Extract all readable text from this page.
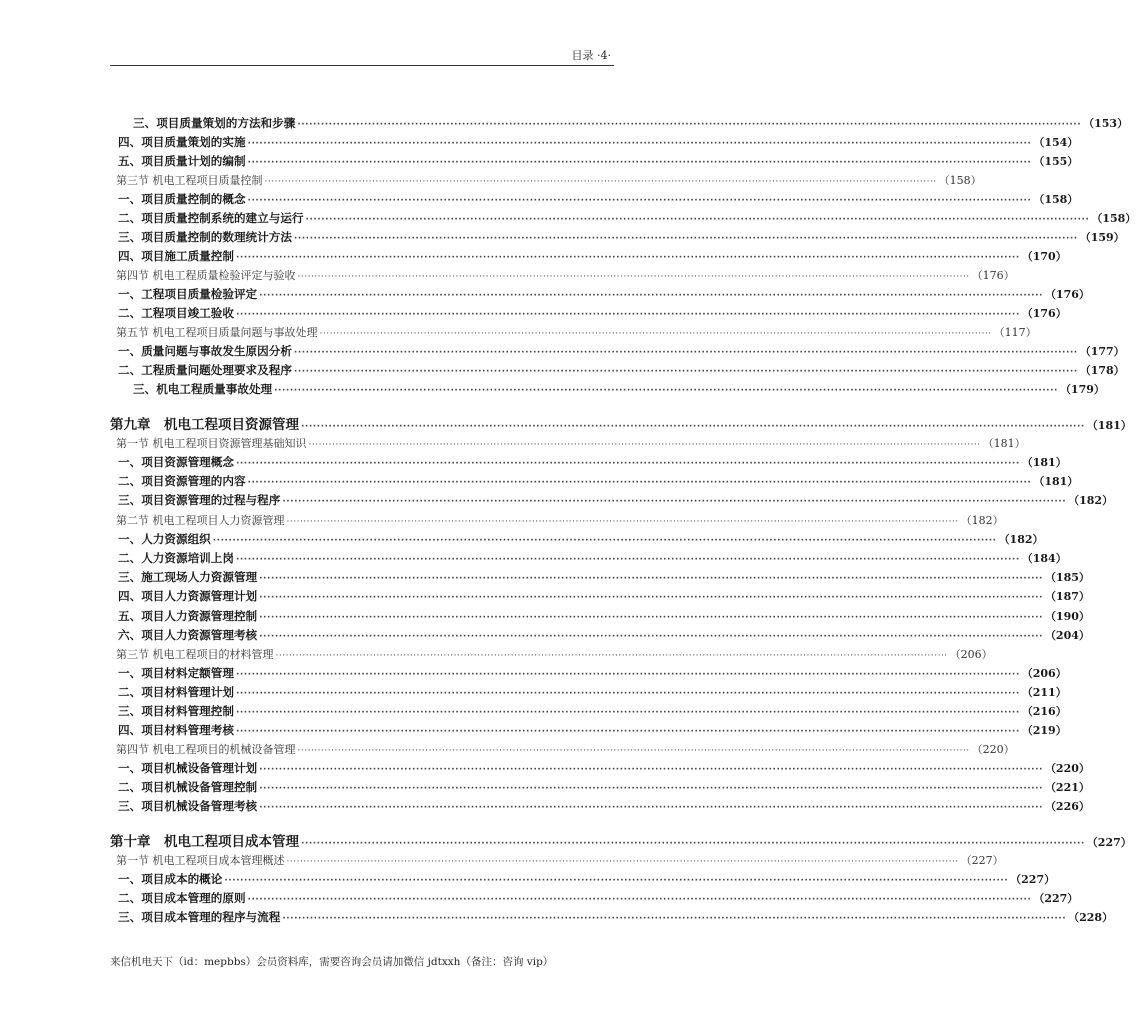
目录 ·4·
三、项目质量策划的方法和步骤 ········································································································································································································ （153）
四、项目质量策划的实施 ········································································································································································································ （154）
五、项目质量计划的编制 ········································································································································································································ （155）
第三节 机电工程项目质量控制 ········································································································································································································ （158）
一、项目质量控制的概念 ········································································································································································································ （158）
二、项目质量控制系统的建立与运行 ········································································································································································································ （158）
三、项目质量控制的数理统计方法 ········································································································································································································ （159）
四、项目施工质量控制 ········································································································································································································ （170）
第四节 机电工程质量检验评定与验收 ········································································································································································································ （176）
一、工程项目质量检验评定 ········································································································································································································ （176）
二、工程项目竣工验收 ········································································································································································································ （176）
第五节 机电工程项目质量问题与事故处理 ········································································································································································································ （117）
一、质量问题与事故发生原因分析 ········································································································································································································ （177）
二、工程质量问题处理要求及程序 ········································································································································································································ （178）
三、机电工程质量事故处理 ········································································································································································································ （179）
第九章　机电工程项目资源管理 ········································································································································································································ （181）
第一节 机电工程项目资源管理基础知识 ········································································································································································································ （181）
一、项目资源管理概念 ········································································································································································································ （181）
二、项目资源管理的内容 ········································································································································································································ （181）
三、项目资源管理的过程与程序 ········································································································································································································ （182）
第二节 机电工程项目人力资源管理 ········································································································································································································ （182）
一、人力资源组织 ········································································································································································································ （182）
二、人力资源培训上岗 ········································································································································································································ （184）
三、施工现场人力资源管理 ········································································································································································································ （185）
四、项目人力资源管理计划 ········································································································································································································ （187）
五、项目人力资源管理控制 ········································································································································································································ （190）
六、项目人力资源管理考核 ········································································································································································································ （204）
第三节 机电工程项目的材料管理 ········································································································································································································ （206）
一、项目材料定额管理 ········································································································································································································ （206）
二、项目材料管理计划 ········································································································································································································ （211）
三、项目材料管理控制 ········································································································································································································ （216）
四、项目材料管理考核 ········································································································································································································ （219）
第四节 机电工程项目的机械设备管理 ········································································································································································································ （220）
一、项目机械设备管理计划 ········································································································································································································ （220）
二、项目机械设备管理控制 ········································································································································································································ （221）
三、项目机械设备管理考核 ········································································································································································································ （226）
第十章　机电工程项目成本管理 ········································································································································································································ （227）
第一节 机电工程项目成本管理概述 ········································································································································································································ （227）
一、项目成本的概论 ········································································································································································································ （227）
二、项目成本管理的原则 ········································································································································································································ （227）
三、项目成本管理的程序与流程 ········································································································································································································ （228）
来信机电天下（id：mepbbs）会员资料库，需要咨询会员请加微信 jdtxxh（备注：咨询 vip）
